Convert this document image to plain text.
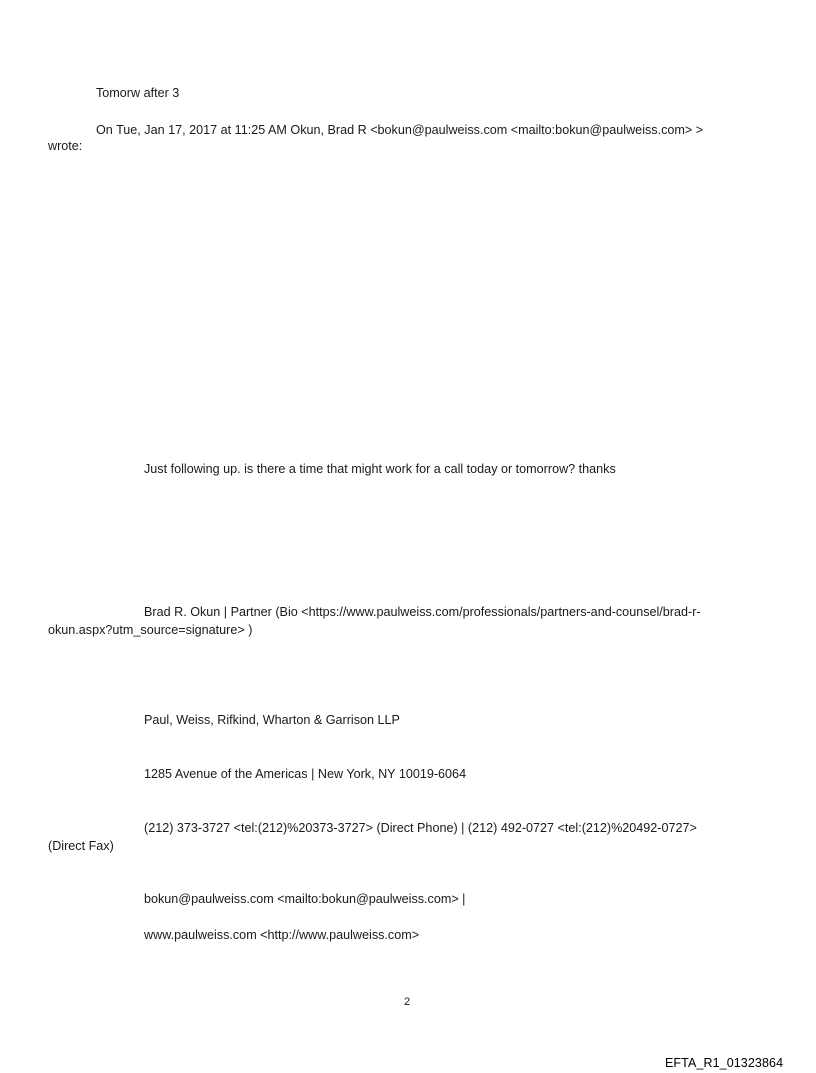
Tomorw after 3
On Tue, Jan 17, 2017 at 11:25 AM Okun, Brad R <bokun@paulweiss.com <mailto:bokun@paulweiss.com> >
wrote:
Just following up. is there a time that might work for a call today or tomorrow? thanks
Brad R. Okun | Partner (Bio <https://www.paulweiss.com/professionals/partners-and-counsel/brad-r-
okun.aspx?utm_source=signature> )
Paul, Weiss, Rifkind, Wharton & Garrison LLP
1285 Avenue of the Americas | New York, NY 10019-6064
(212) 373-3727 <tel:(212)%20373-3727> (Direct Phone) | (212) 492-0727 <tel:(212)%20492-0727>
(Direct Fax)
bokun@paulweiss.com <mailto:bokun@paulweiss.com> |
www.paulweiss.com <http://www.paulweiss.com>
2
EFTA_R1_01323864
